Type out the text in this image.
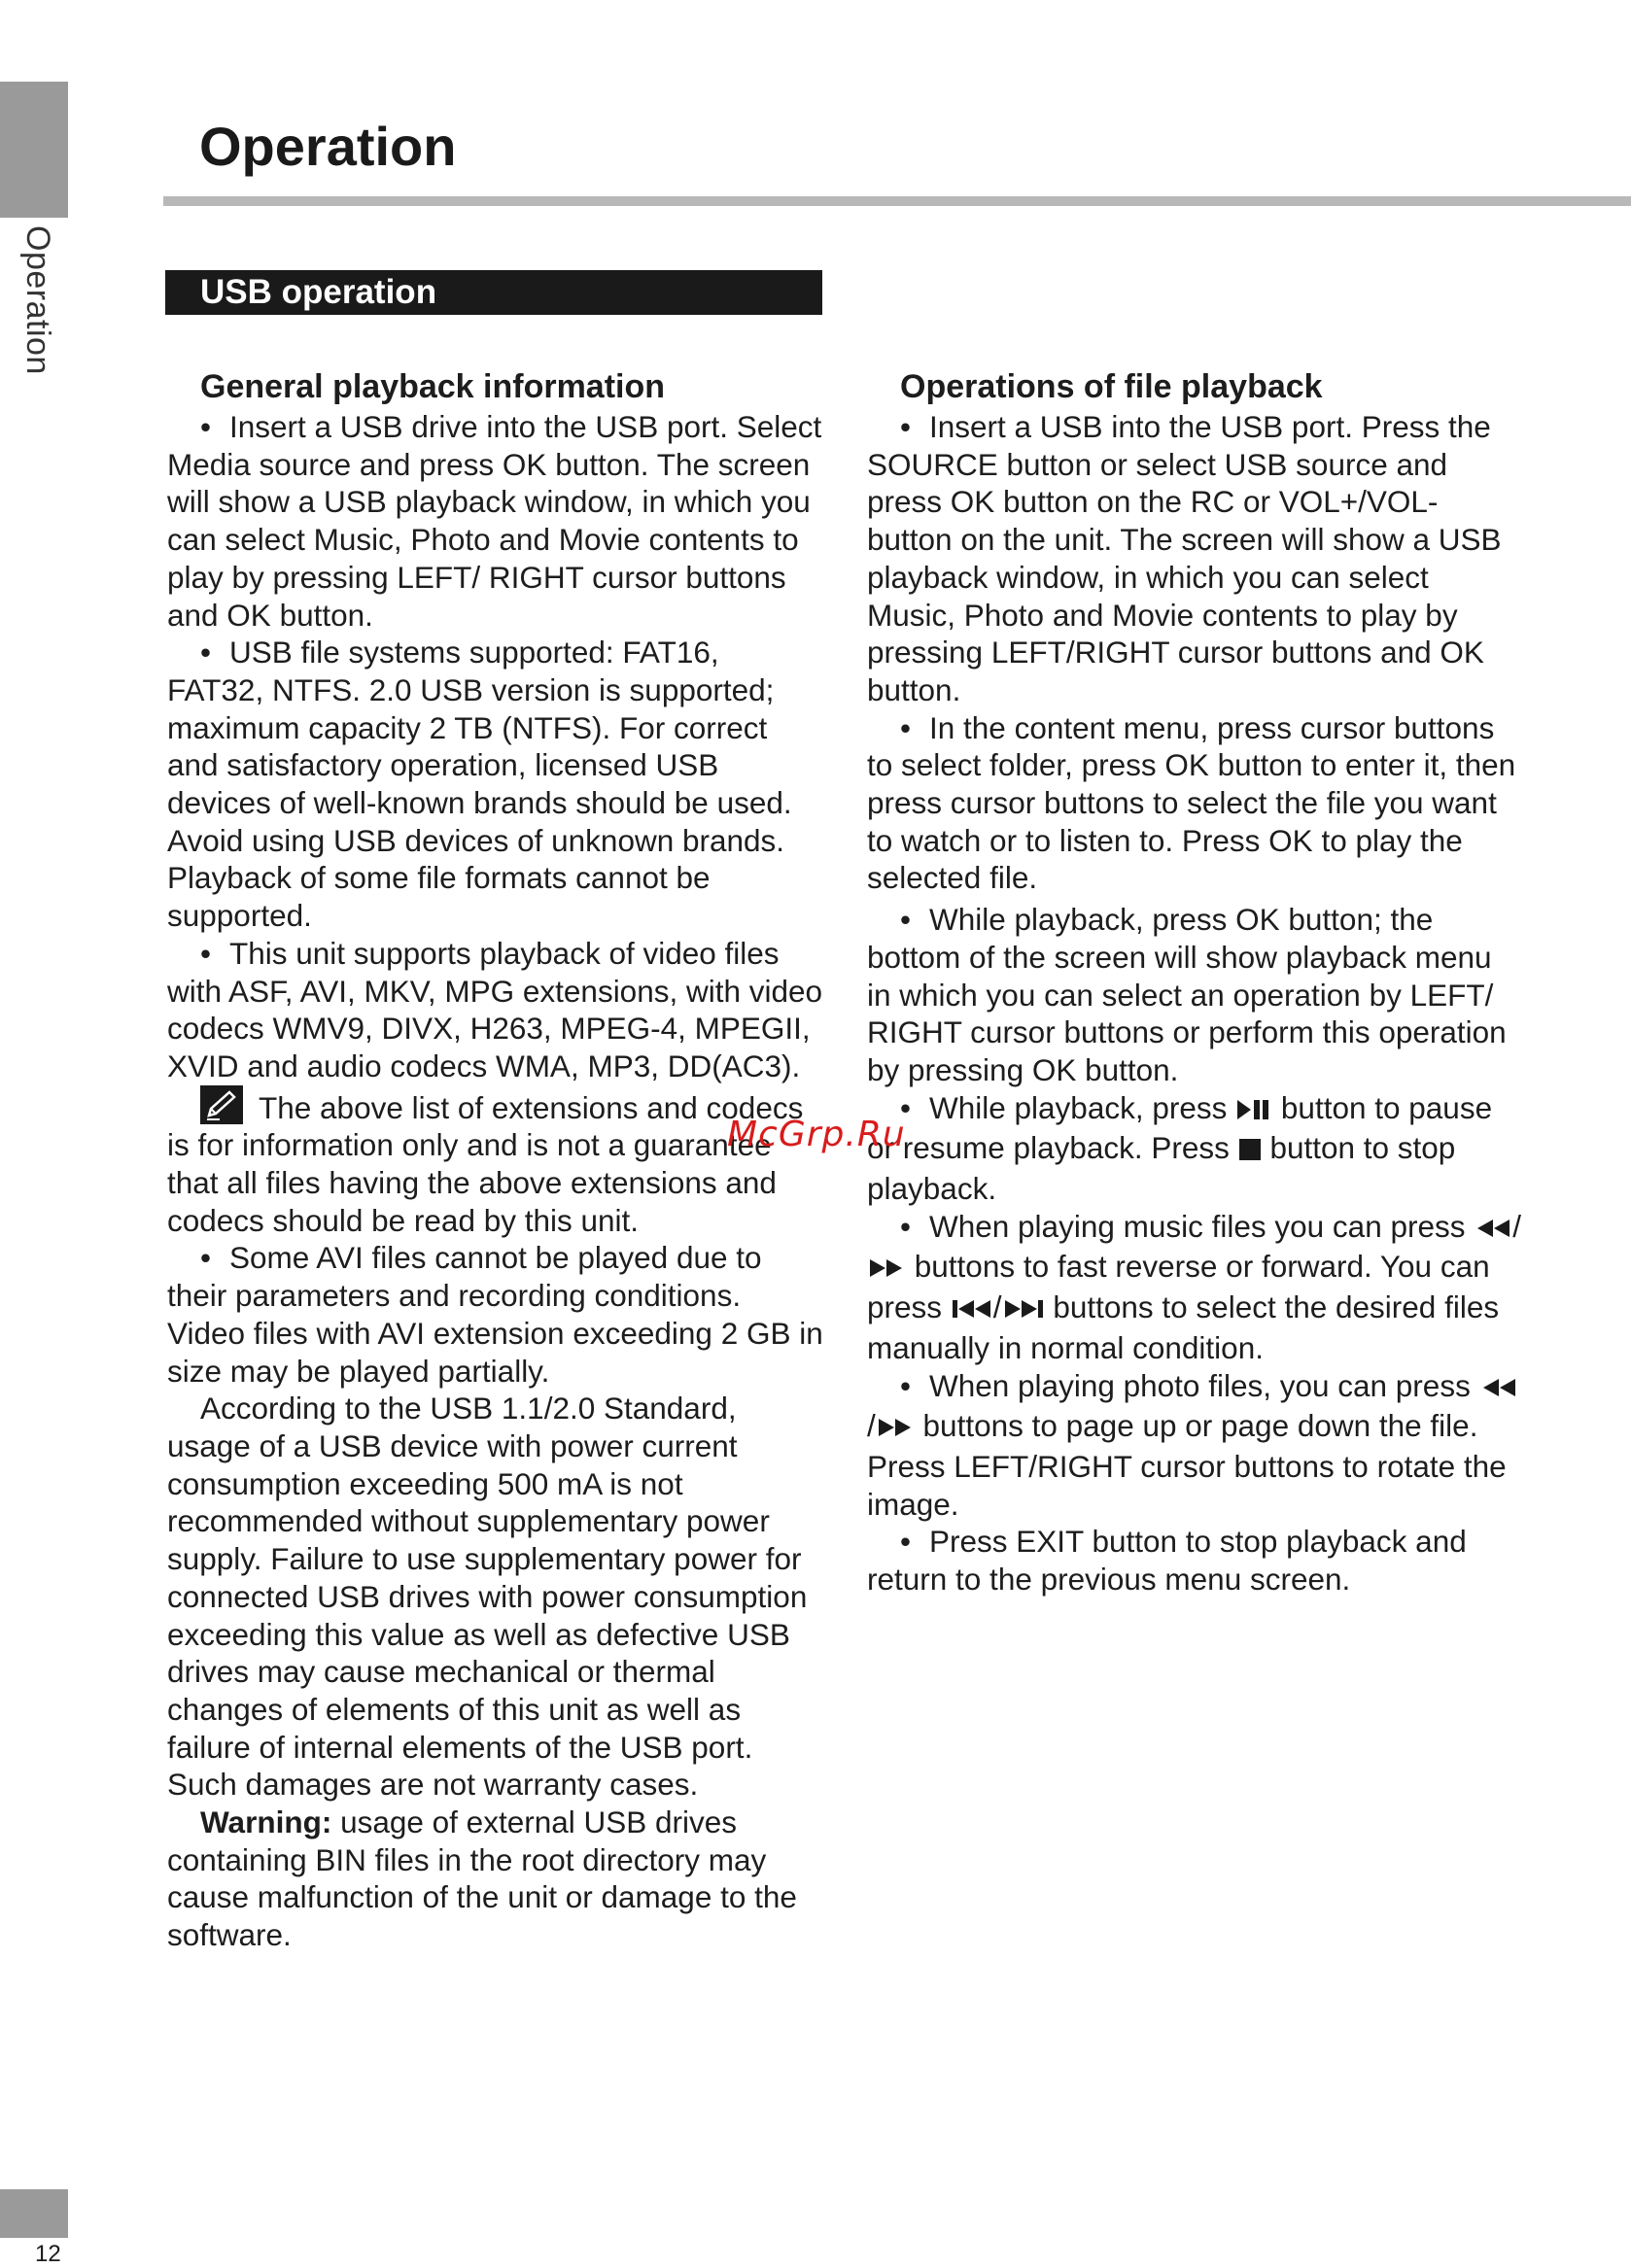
Operation
Operation
USB operation
General playback information

• Insert a USB drive into the USB port. Select Media source and press OK button. The screen will show a USB playback window, in which you can select Music, Photo and Movie contents to play by pressing LEFT/ RIGHT cursor buttons and OK button.

• USB file systems supported: FAT16, FAT32, NTFS. 2.0 USB version is supported; maximum capacity 2 TB (NTFS). For correct and satisfactory operation, licensed USB devices of well-known brands should be used. Avoid using USB devices of unknown brands. Playback of some file formats cannot be supported.

• This unit supports playback of video files with ASF, AVI, MKV, MPG extensions, with video codecs WMV9, DIVX, H263, MPEG-4, MPEGII, XVID and audio codecs WMA, MP3, DD(AC3).

The above list of extensions and codecs is for information only and is not a guarantee that all files having the above extensions and codecs should be read by this unit.

• Some AVI files cannot be played due to their parameters and recording conditions. Video files with AVI extension exceeding 2 GB in size may be played partially.

According to the USB 1.1/2.0 Standard, usage of a USB device with power current consumption exceeding 500 mA is not recommended without supplementary power supply. Failure to use supplementary power for connected USB drives with power consumption exceeding this value as well as defective USB drives may cause mechanical or thermal changes of elements of this unit as well as failure of internal elements of the USB port. Such damages are not warranty cases.

Warning: usage of external USB drives containing BIN files in the root directory may cause malfunction of the unit or damage to the software.

Operations of file playback

• Insert a USB into the USB port. Press the SOURCE button or select USB source and press OK button on the RC or VOL+/VOL- button on the unit. The screen will show a USB playback window, in which you can select Music, Photo and Movie contents to play by pressing LEFT/RIGHT cursor buttons and OK button.

• In the content menu, press cursor buttons to select folder, press OK button to enter it, then press cursor buttons to select the file you want to watch or to listen to. Press OK to play the selected file.

• While playback, press OK button; the bottom of the screen will show playback menu in which you can select an operation by LEFT/ RIGHT cursor buttons or perform this operation by pressing OK button.

• While playback, press button to pause or resume playback. Press button to stop playback.

• When playing music files you can press / buttons to fast reverse or forward. You can press / buttons to select the desired files manually in normal condition.

• When playing photo files, you can press / buttons to page up or page down the file. Press LEFT/RIGHT cursor buttons to rotate the image.

• Press EXIT button to stop playback and return to the previous menu screen.

McGrp.Ru
12
